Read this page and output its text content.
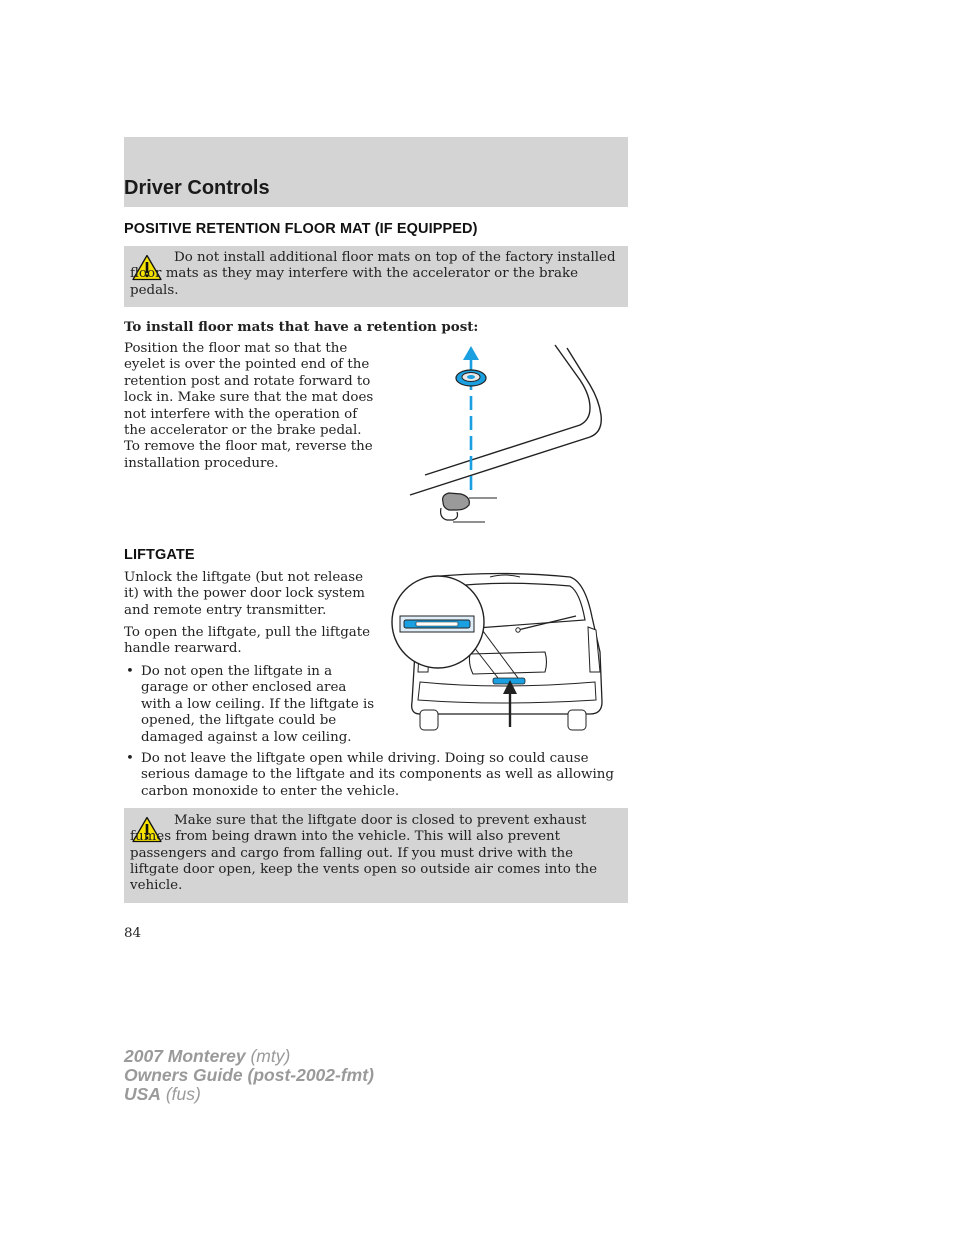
Driver Controls
POSITIVE RETENTION FLOOR MAT (IF EQUIPPED)
Do not install additional floor mats on top of the factory installed floor mats as they may interfere with the accelerator or the brake pedals.
To install floor mats that have a retention post:
Position the floor mat so that the
eyelet is over the pointed end of the
retention post and rotate forward to
lock in. Make sure that the mat does
not interfere with the operation of
the accelerator or the brake pedal.
To remove the floor mat, reverse the
installation procedure.
LIFTGATE
Unlock the liftgate (but not release
it) with the power door lock system
and remote entry transmitter.
To open the liftgate, pull the liftgate
handle rearward.
• Do not open the liftgate in a
garage or other enclosed area
with a low ceiling. If the liftgate is
opened, the liftgate could be
damaged against a low ceiling.
• Do not leave the liftgate open while driving. Doing so could cause
serious damage to the liftgate and its components as well as allowing
carbon monoxide to enter the vehicle.
Make sure that the liftgate door is closed to prevent exhaust fumes from being drawn into the vehicle. This will also prevent passengers and cargo from falling out. If you must drive with the liftgate door open, keep the vents open so outside air comes into the vehicle.
84
2007 Monterey (mty)
Owners Guide (post-2002-fmt)
USA (fus)
